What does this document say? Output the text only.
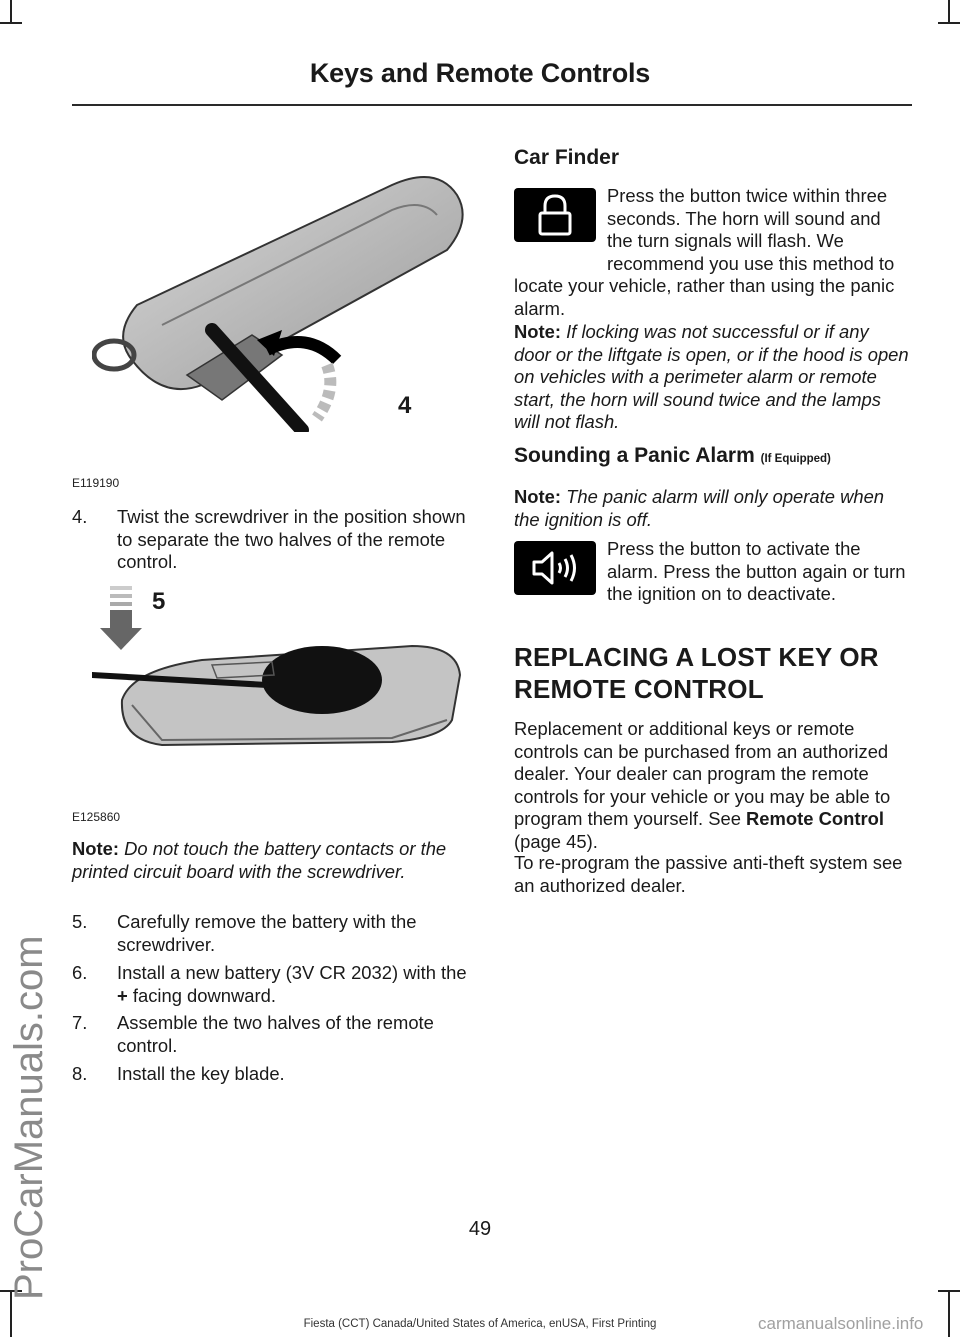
Keys and Remote Controls
ProCarManuals.com
4
E119190
4. Twist the screwdriver in the position shown to separate the two halves of the remote control.
5
E125860
Note: Do not touch the battery contacts or the printed circuit board with the screwdriver.
5. Carefully remove the battery with the screwdriver.
6. Install a new battery (3V CR 2032) with the + facing downward.
7. Assemble the two halves of the remote control.
8. Install the key blade.
Car Finder
Press the button twice within three seconds. The horn will sound and the turn signals will flash. We recommend you use this method to locate your vehicle, rather than using the panic alarm.
Note: If locking was not successful or if any door or the liftgate is open, or if the hood is open on vehicles with a perimeter alarm or remote start, the horn will sound twice and the lamps will not flash.
Sounding a Panic Alarm (If Equipped)
Note: The panic alarm will only operate when the ignition is off.
Press the button to activate the alarm. Press the button again or turn the ignition on to deactivate.
REPLACING A LOST KEY OR
REMOTE CONTROL
Replacement or additional keys or remote controls can be purchased from an authorized dealer. Your dealer can program the remote controls for your vehicle or you may be able to program them yourself. See Remote Control (page 45).
To re-program the passive anti-theft system see an authorized dealer.
49
Fiesta (CCT) Canada/United States of America, enUSA, First Printing	carmanualsonline.info
